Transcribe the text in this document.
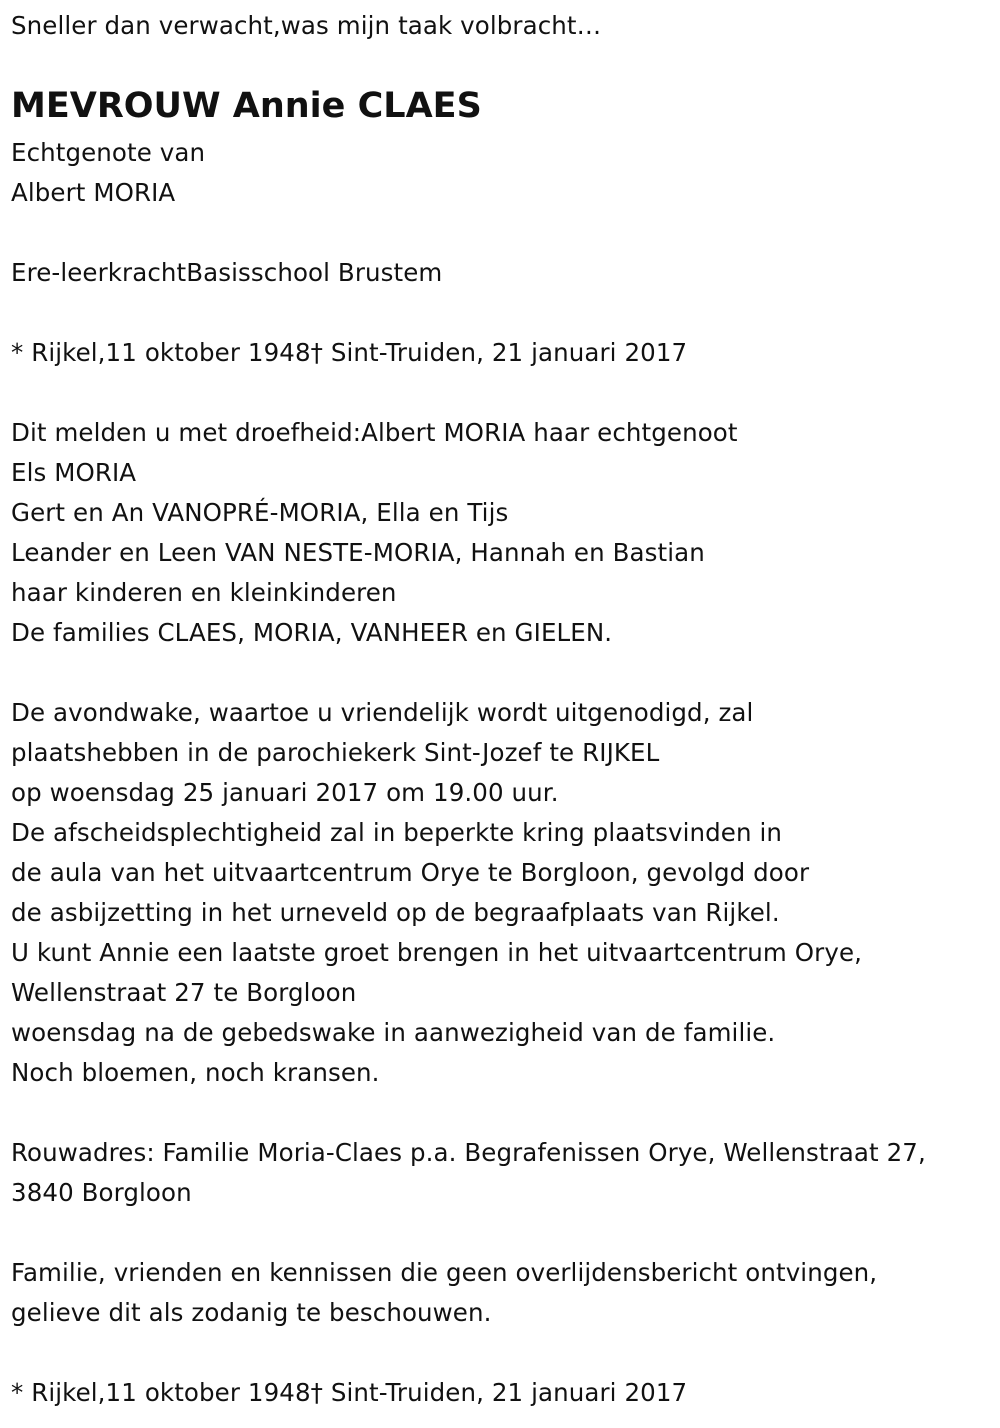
Sneller dan verwacht,was mijn taak volbracht…
MEVROUW Annie CLAES
Echtgenote van
Albert MORIA
Ere-leerkrachtBasisschool Brustem
* Rijkel,11 oktober 1948† Sint-Truiden, 21 januari 2017
Dit melden u met droefheid:Albert MORIA haar echtgenoot
Els MORIA
Gert en An VANOPRÉ-MORIA, Ella en Tijs
Leander en Leen VAN NESTE-MORIA, Hannah en Bastian
haar kinderen en kleinkinderen
De families CLAES, MORIA, VANHEER en GIELEN.
De avondwake, waartoe u vriendelijk wordt uitgenodigd, zal
plaatshebben in de parochiekerk Sint-Jozef te RIJKEL
op woensdag 25 januari 2017 om 19.00 uur.
De afscheidsplechtigheid zal in beperkte kring plaatsvinden in
de aula van het uitvaartcentrum Orye te Borgloon, gevolgd door
de asbijzetting in het urneveld op de begraafplaats van Rijkel.
U kunt Annie een laatste groet brengen in het uitvaartcentrum Orye,
Wellenstraat 27 te Borgloon
woensdag na de gebedswake in aanwezigheid van de familie.
Noch bloemen, noch kransen.
Rouwadres: Familie Moria-Claes p.a. Begrafenissen Orye, Wellenstraat 27,
3840 Borgloon
Familie, vrienden en kennissen die geen overlijdensbericht ontvingen,
gelieve dit als zodanig te beschouwen.
* Rijkel,11 oktober 1948† Sint-Truiden, 21 januari 2017
